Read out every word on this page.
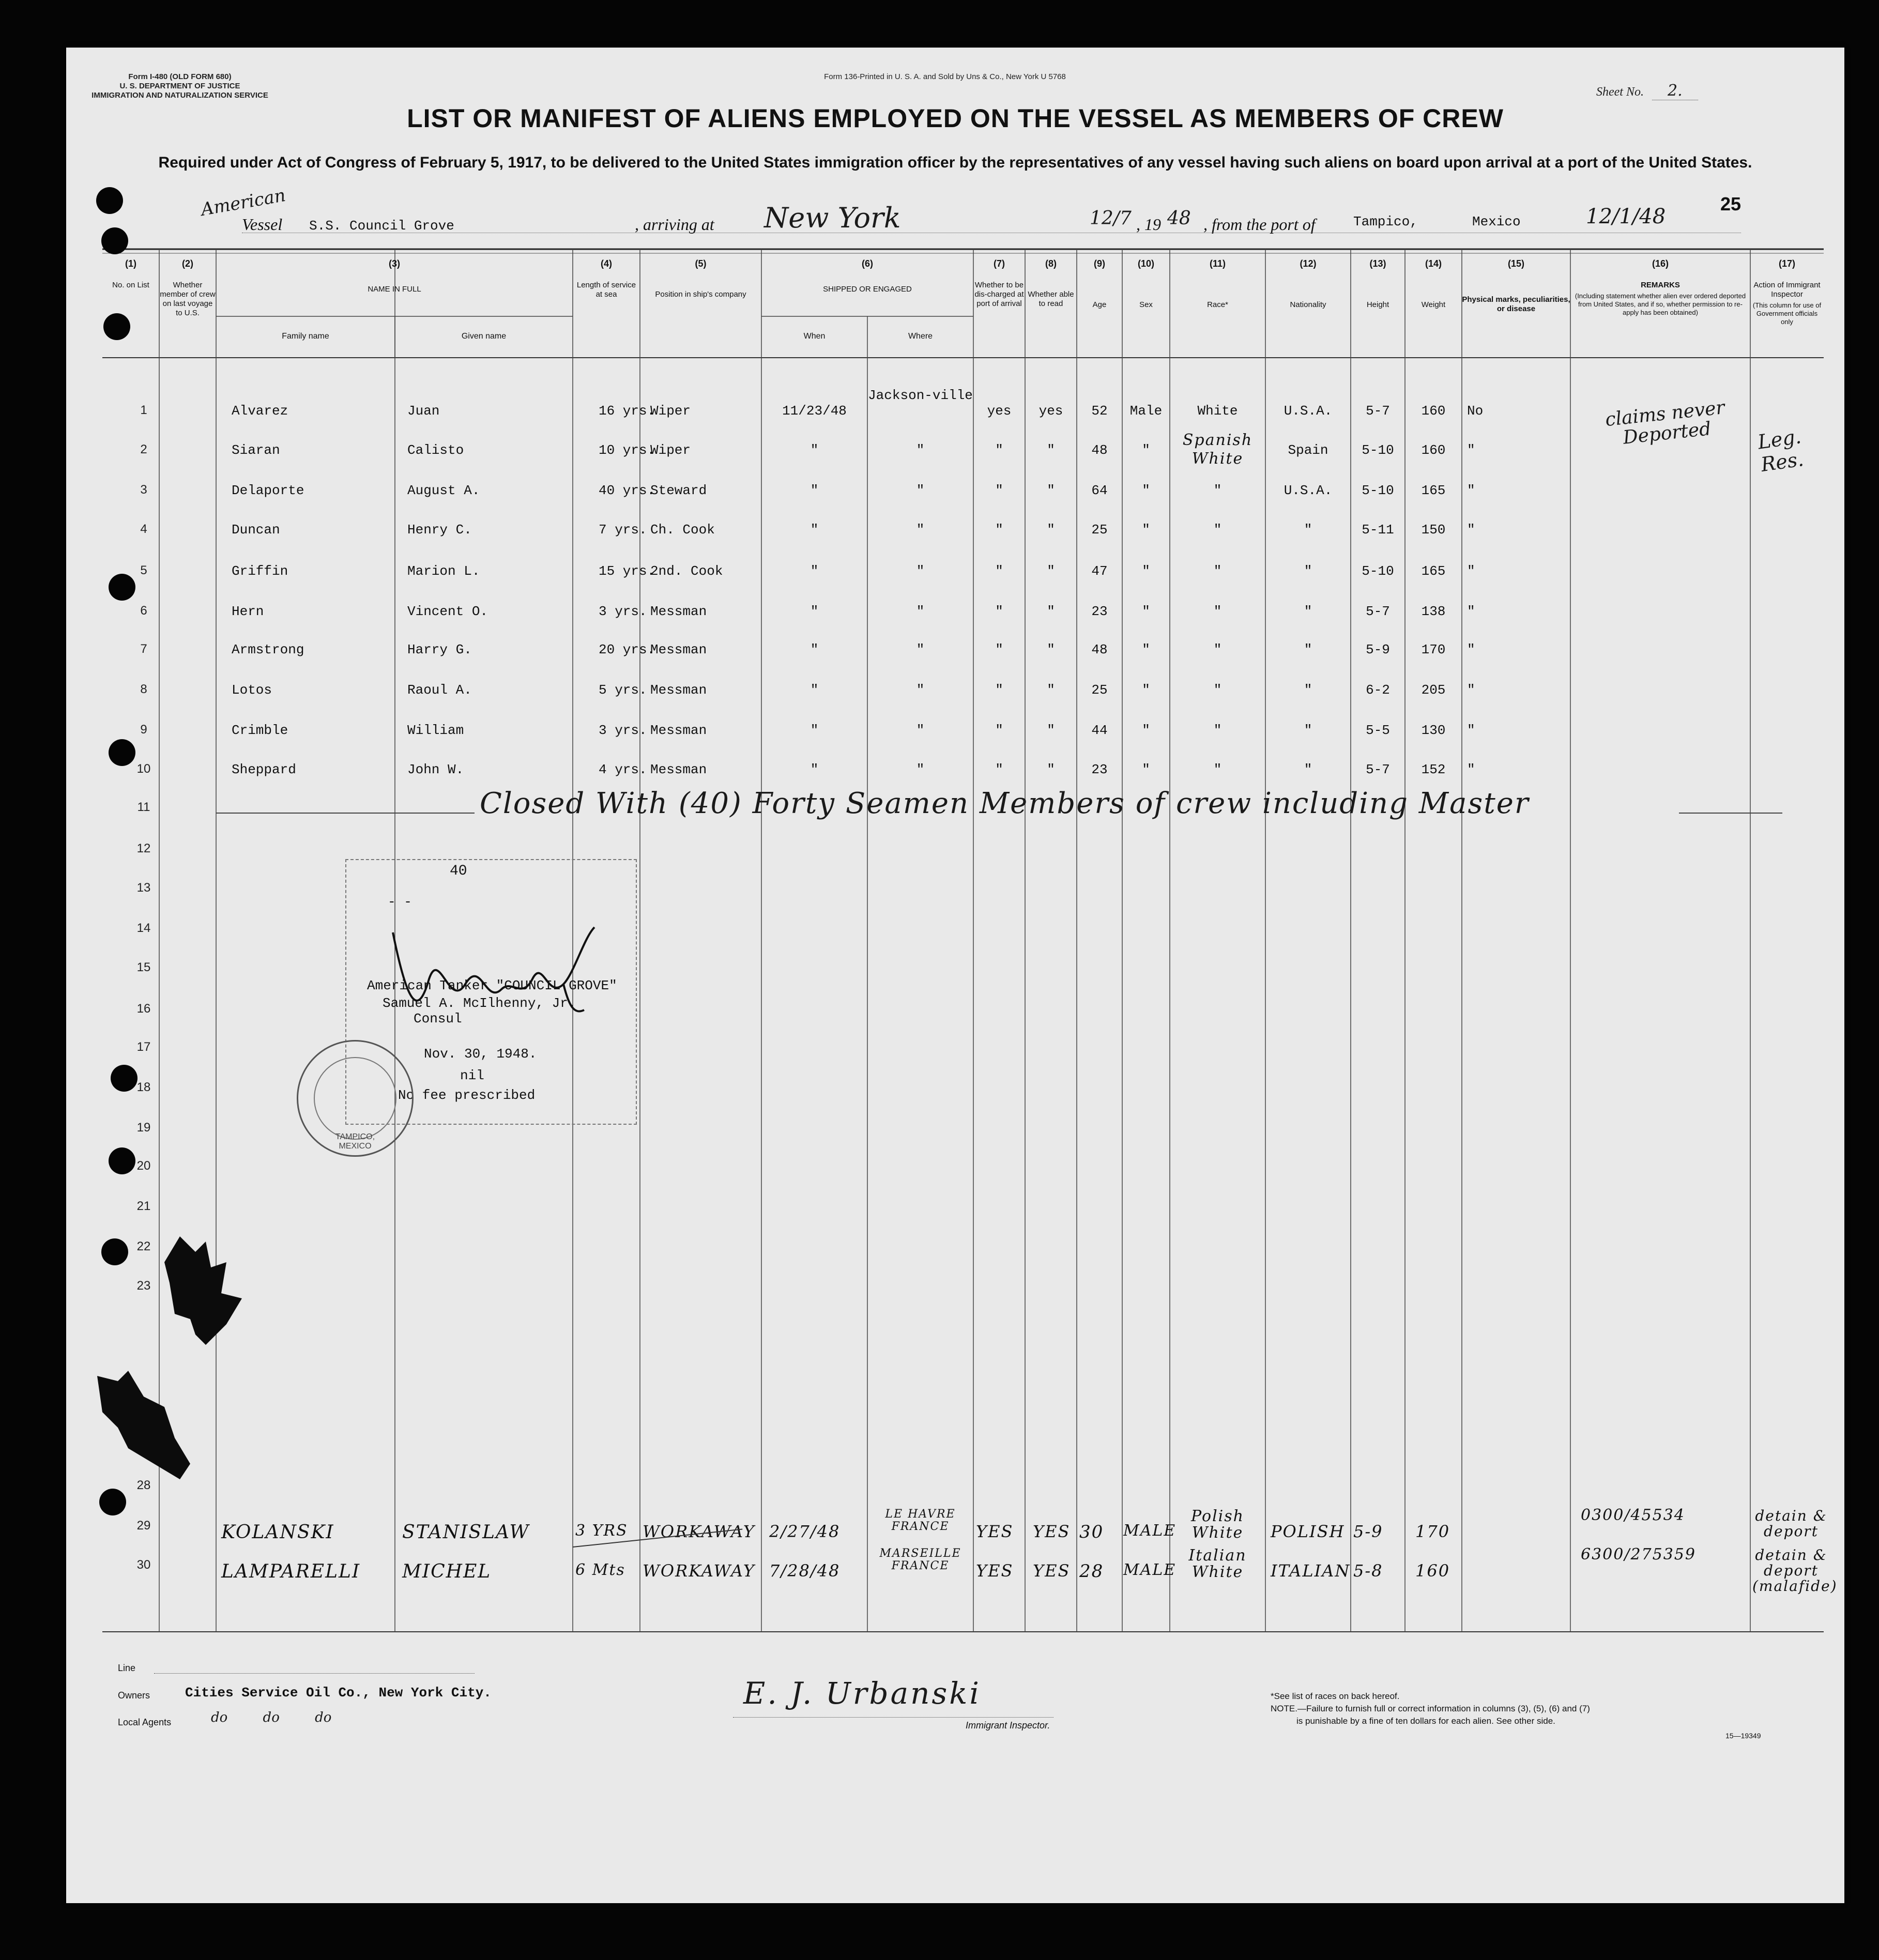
Form I-480 (OLD FORM 680)
U. S. DEPARTMENT OF JUSTICE
IMMIGRATION AND NATURALIZATION SERVICE
Form 136-Printed in U. S. A. and Sold by Uns & Co., New York U 5768
Sheet No. 2.
LIST OR MANIFEST OF ALIENS EMPLOYED ON THE VESSEL AS MEMBERS OF CREW
Required under Act of Congress of February 5, 1917, to be delivered to the United States immigration officer by the representatives of any vessel having such aliens on board upon arrival at a port of the United States.
25
American
Vessel S.S. Council Grove	, arriving at New York	12/7 , 19 48 , from the port of	Tampico,	Mexico	12/1/48
(1)
No. on List
(2)
Whether member of crew on last voyage to U.S.
(3)
NAME IN FULL
Family name	Given name
(4)
Length of service at sea
(5)
Position in ship's company
(6)
SHIPPED OR ENGAGED
When	Where
(7)
Whether to be dis-charged at port of arrival
(8)
Whether able to read
(9)
Age
(10)
Sex
(11)
Race*
(12)
Nationality
(13)
Height
(14)
Weight
(15)
Physical marks, peculiarities, or disease
(16)
REMARKS
(Including statement whether alien ever ordered deported from United States, and if so, whether permission to re-apply has been obtained)
(17)
Action of Immigrant Inspector
(This column for use of Government officials only
1
2
3
4
5
6
7
8
9
10
11
12
13
14
15
16
17
18
19
20
21
22
23
28
29
30
Alvarez	Juan	16 yrs.
Wiper	11/23/48
Jackson-ville
yes	yes	52	Male	White	U.S.A.	5-7	160	No
Siaran	Calisto	10 yrs.
Wiper	"	"	"	"	48	"
Spanish White	Spain	5-10	160	"
Delaporte	August A.	40 yrs.
Steward	"	"	"	"	64	"	"	U.S.A.	5-10	165	"
Duncan	Henry C.	7 yrs. Ch. Cook	"	"	"	"	25	"	"	"	5-11	150	"
Griffin	Marion L.	15 yrs.
2nd. Cook	"	"	"	"	47	"	"	"	5-10	165	"
Hern	Vincent O.	3 yrs. Messman	"	"	"	"	23	"	"	"	5-7	138	"
Armstrong	Harry G.	20 yrs.
Messman	"	"	"	"	48	"	"	"	5-9	170	"
Lotos	Raoul A.	5 yrs. Messman	"	"	"	"	25	"	"	"	6-2	205	"
Crimble	William	3 yrs. Messman	"	"	"	"	44	"	"	"	5-5	130	"
Sheppard	John W.	4 yrs. Messman	"	"	"	"	23	"	"	"	5-7	152	"
claims never Deported	Leg. Res.
Closed With (40) Forty Seamen Members of crew including Master
40
- -
American Tanker "COUNCIL GROVE"
Samuel A. McIlhenny, Jr.
Consul
Nov. 30, 1948.
nil
No fee prescribed
TAMPICO, MEXICO
KOLANSKI	STANISLAW	3 YRS WORKAWAY 2/27/48
LE HAVRE FRANCE	YES YES 30 MALE
Polish White	POLISH 5-9 170
0300/45534	detain & deport
LAMPARELLI MICHEL	6 Mts WORKAWAY 7/28/48
MARSEILLE FRANCE	YES YES 28 MALE
Italian White	ITALIAN 5-8 160
6300/275359	detain & deport (malafide)
Line
Owners	Cities Service Oil Co., New York City.
Local Agents	do do do
E. J. Urbanski
Immigrant Inspector.
*See list of races on back hereof.
NOTE.—Failure to furnish full or correct information in columns (3), (5), (6) and (7)
is punishable by a fine of ten dollars for each alien. See other side.
15—19349
